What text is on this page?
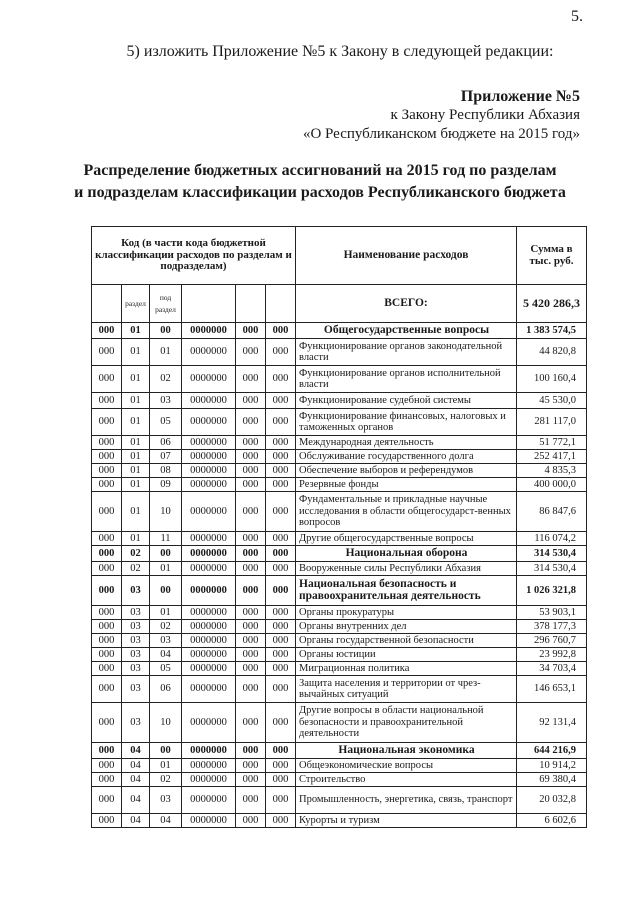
5.
5) изложить Приложение №5 к Закону в следующей редакции:
Приложение №5
к Закону Республики Абхазия
«О Республиканском бюджете на 2015 год»
Распределение бюджетных ассигнований на 2015 год по разделам
и подразделам классификации расходов Республиканского бюджета
Код (в части кода бюджетной классификации расходов по разделам и подразделам)						Наименование расходов	Сумма в тыс. руб.
	раздел	под раздел				ВСЕГО:	5 420 286,3
000	01	00	0000000	000	000	Общегосударственные вопросы	1 383 574,5
000	01	01	0000000	000	000	Функционирование органов законодательной власти	44 820,8
000	01	02	0000000	000	000	Функционирование органов исполнительной власти	100 160,4
000	01	03	0000000	000	000	Функционирование судебной системы	45 530,0
000	01	05	0000000	000	000	Функционирование финансовых, налоговых и таможенных органов	281 117,0
000	01	06	0000000	000	000	Международная деятельность	51 772,1
000	01	07	0000000	000	000	Обслуживание государственного долга	252 417,1
000	01	08	0000000	000	000	Обеспечение выборов и референдумов	4 835,3
000	01	09	0000000	000	000	Резервные фонды	400 000,0
000	01	10	0000000	000	000	Фундаментальные и прикладные научные исследования в области общегосударст-венных вопросов	86 847,6
000	01	11	0000000	000	000	Другие общегосударственные вопросы	116 074,2
000	02	00	0000000	000	000	Национальная оборона	314 530,4
000	02	01	0000000	000	000	Вооруженные силы Республики Абхазия	314 530,4
000	03	00	0000000	000	000	Национальная безопасность и правоохранительная деятельность	1 026 321,8
000	03	01	0000000	000	000	Органы прокуратуры	53 903,1
000	03	02	0000000	000	000	Органы внутренних дел	378 177,3
000	03	03	0000000	000	000	Органы государственной безопасности	296 760,7
000	03	04	0000000	000	000	Органы юстиции	23 992,8
000	03	05	0000000	000	000	Миграционная политика	34 703,4
000	03	06	0000000	000	000	Защита населения и территории от чрез-вычайных ситуаций	146 653,1
000	03	10	0000000	000	000	Другие вопросы в области национальной безопасности и правоохранительной деятельности	92 131,4
000	04	00	0000000	000	000	Национальная экономика	644 216,9
000	04	01	0000000	000	000	Общеэкономические вопросы	10 914,2
000	04	02	0000000	000	000	Строительство	69 380,4
000	04	03	0000000	000	000	Промышленность, энергетика, связь, транспорт	20 032,8
000	04	04	0000000	000	000	Курорты и туризм	6 602,6
